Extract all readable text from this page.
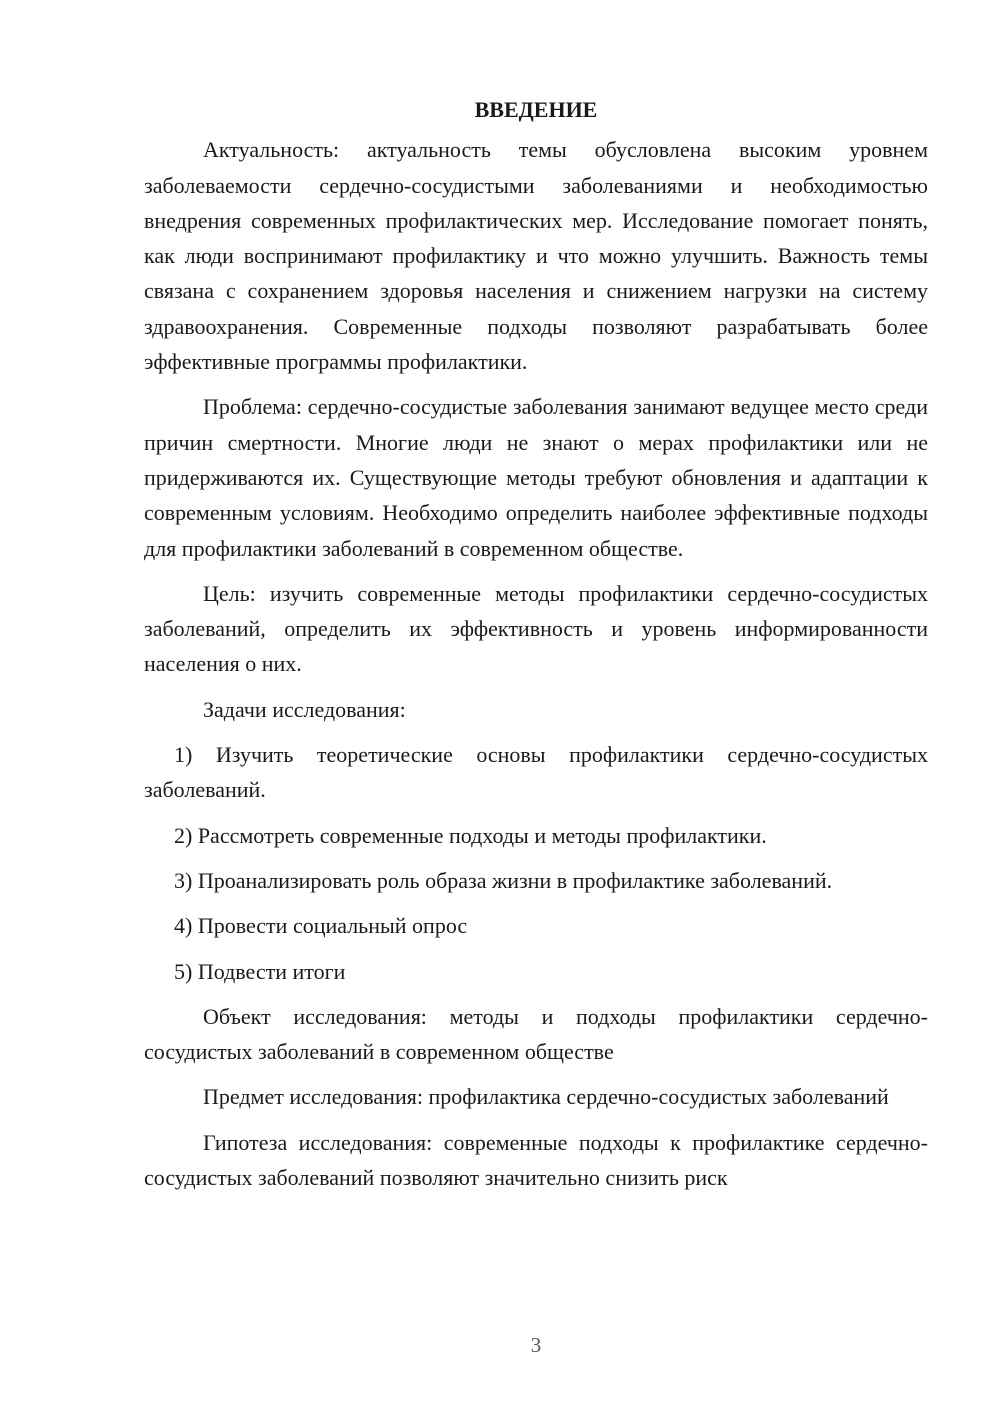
ВВЕДЕНИЕ

Актуальность: актуальность темы обусловлена высоким уровнем заболеваемости сердечно-сосудистыми заболеваниями и необходимостью внедрения современных профилактических мер. Исследование помогает понять, как люди воспринимают профилактику и что можно улучшить. Важность темы связана с сохранением здоровья населения и снижением нагрузки на систему здравоохранения. Современные подходы позволяют разрабатывать более эффективные программы профилактики.

Проблема: сердечно-сосудистые заболевания занимают ведущее место среди причин смертности. Многие люди не знают о мерах профилактики или не придерживаются их. Существующие методы требуют обновления и адаптации к современным условиям. Необходимо определить наиболее эффективные подходы для профилактики заболеваний в современном обществе.

Цель: изучить современные методы профилактики сердечно-сосудистых заболеваний, определить их эффективность и уровень информированности населения о них.

Задачи исследования:

1) Изучить теоретические основы профилактики сердечно-сосудистых заболеваний.

2) Рассмотреть современные подходы и методы профилактики.

3) Проанализировать роль образа жизни в профилактике заболеваний.

4) Провести социальный опрос

5) Подвести итоги

Объект исследования: методы и подходы профилактики сердечно-сосудистых заболеваний в современном обществе

Предмет исследования: профилактика сердечно-сосудистых заболеваний

Гипотеза исследования: современные подходы к профилактике сердечно-сосудистых заболеваний позволяют значительно снизить риск

3
